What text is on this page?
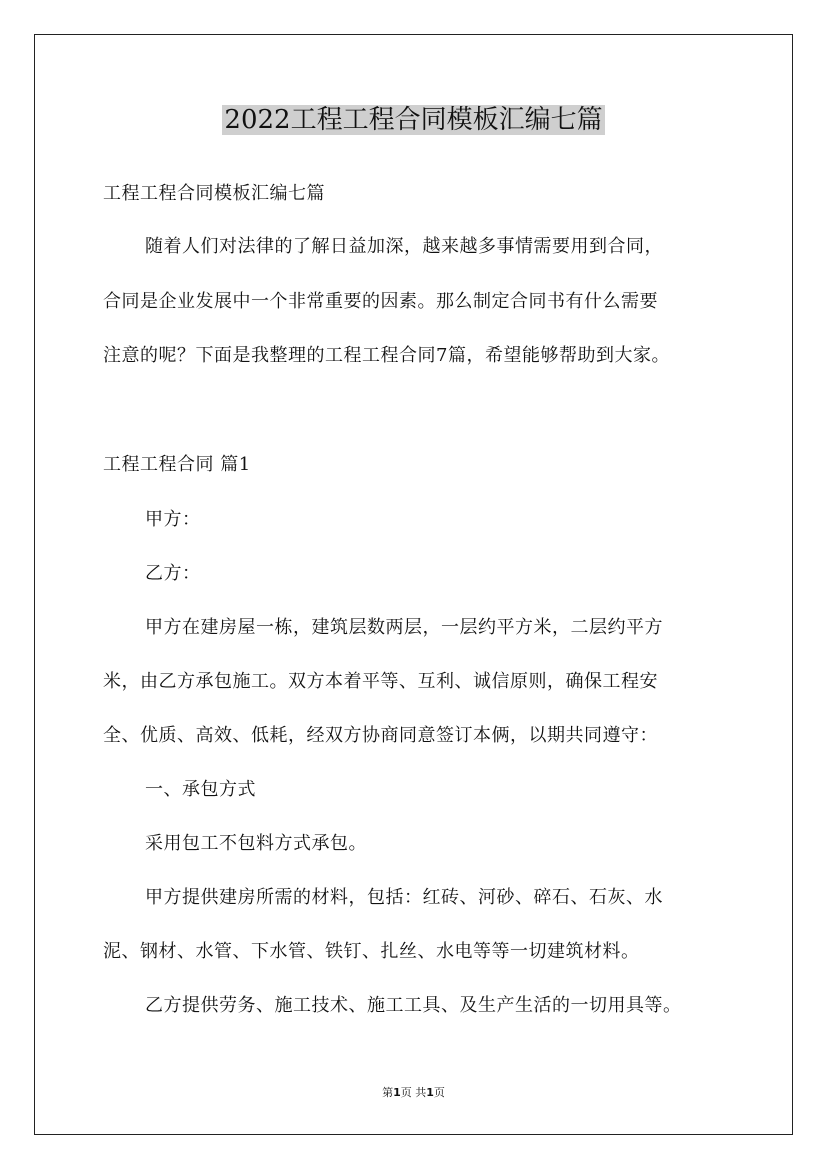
2022工程工程合同模板汇编七篇
工程工程合同模板汇编七篇
随着人们对法律的了解日益加深，越来越多事情需要用到合同，
合同是企业发展中一个非常重要的因素。那么制定合同书有什么需要
注意的呢？下面是我整理的工程工程合同7篇，希望能够帮助到大家。
工程工程合同 篇1
甲方：
乙方：
甲方在建房屋一栋，建筑层数两层，一层约平方米，二层约平方
米，由乙方承包施工。双方本着平等、互利、诚信原则，确保工程安
全、优质、高效、低耗，经双方协商同意签订本俩，以期共同遵守：
一、承包方式
采用包工不包料方式承包。
甲方提供建房所需的材料，包括：红砖、河砂、碎石、石灰、水
泥、钢材、水管、下水管、铁钉、扎丝、水电等等一切建筑材料。
乙方提供劳务、施工技术、施工工具、及生产生活的一切用具等。
第1页 共1页
